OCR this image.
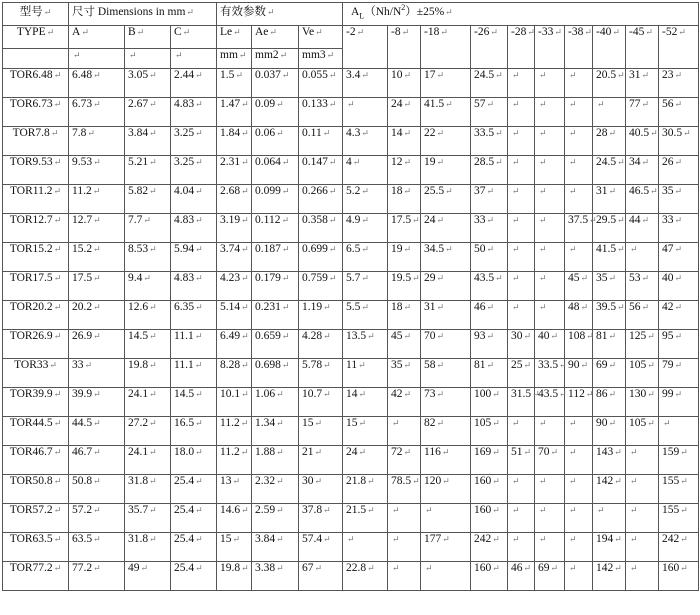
型号↵	尺寸 Dimensions in mm↵			有效参数↵			$A_L(Nh/N^2)\pm 25\%↵$									
TYPE↵	A↵	B↵	C↵	Le↵	Ae↵	Ve↵	-2↵	-8↵	-18↵	-26↵	-28↵	-33↵	-38↵	-40↵	-45↵	-52↵
	↵	↵	↵	mm↵	mm2↵	mm3↵										
TOR6.48↵	6.48↵	3.05↵	2.44↵	1.5↵	0.037↵	0.055↵	3.4↵	10↵	17↵	24.5↵	↵	↵	↵	20.5↵	31↵	23↵
TOR6.73↵	6.73↵	2.67↵	4.83↵	1.47↵	0.09↵	0.133↵	↵	24↵	41.5↵	57↵	↵	↵	↵	↵	77↵	56↵
TOR7.8↵	7.8↵	3.84↵	3.25↵	1.84↵	0.06↵	0.11↵	4.3↵	14↵	22↵	33.5↵	↵	↵	↵	28↵	40.5↵	30.5↵
TOR9.53↵	9.53↵	5.21↵	3.25↵	2.31↵	0.064↵	0.147↵	4↵	12↵	19↵	28.5↵	↵	↵	↵	24.5↵	34↵	26↵
TOR11.2↵	11.2↵	5.82↵	4.04↵	2.68↵	0.099↵	0.266↵	5.2↵	18↵	25.5↵	37↵	↵	↵	↵	31↵	46.5↵	35↵
TOR12.7↵	12.7↵	7.7↵	4.83↵	3.19↵	0.112↵	0.358↵	4.9↵	17.5↵	24↵	33↵	↵	↵	37.5↵	29.5↵	44↵	33↵
TOR15.2↵	15.2↵	8.53↵	5.94↵	3.74↵	0.187↵	0.699↵	6.5↵	19↵	34.5↵	50↵	↵	↵	↵	41.5↵	↵	47↵
TOR17.5↵	17.5↵	9.4↵	4.83↵	4.23↵	0.179↵	0.759↵	5.7↵	19.5↵	29↵	43.5↵	↵	↵	45↵	35↵	53↵	40↵
TOR20.2↵	20.2↵	12.6↵	6.35↵	5.14↵	0.231↵	1.19↵	5.5↵	18↵	31↵	46↵	↵	↵	48↵	39.5↵	56↵	42↵
TOR26.9↵	26.9↵	14.5↵	11.1↵	6.49↵	0.659↵	4.28↵	13.5↵	45↵	70↵	93↵	30↵	40↵	108↵	81↵	125↵	95↵
TOR33↵	33↵	19.8↵	11.1↵	8.28↵	0.698↵	5.78↵	11↵	35↵	58↵	81↵	25↵	33.5↵	90↵	69↵	105↵	79↵
TOR39.9↵	39.9↵	24.1↵	14.5↵	10.1↵	1.06↵	10.7↵	14↵	42↵	73↵	100↵	31.5↵	43.5↵	112↵	86↵	130↵	99↵
TOR44.5↵	44.5↵	27.2↵	16.5↵	11.2↵	1.34↵	15↵	15↵	↵	82↵	105↵	↵	↵	↵	90↵	105↵	↵
TOR46.7↵	46.7↵	24.1↵	18.0↵	11.2↵	1.88↵	21↵	24↵	72↵	116↵	169↵	51↵	70↵	↵	143↵	↵	159↵
TOR50.8↵	50.8↵	31.8↵	25.4↵	13↵	2.32↵	30↵	21.8↵	78.5↵	120↵	160↵	↵	↵	↵	142↵	↵	155↵
TOR57.2↵	57.2↵	35.7↵	25.4↵	14.6↵	2.59↵	37.8↵	21.5↵	↵	↵	160↵	↵	↵	↵	↵	↵	155↵
TOR63.5↵	63.5↵	31.8↵	25.4↵	15↵	3.84↵	57.4↵	↵	↵	177↵	242↵	↵	↵	↵	194↵	↵	242↵
TOR77.2↵	77.2↵	49↵	25.4↵	19.8↵	3.38↵	67↵	22.8↵	↵	↵	160↵	46↵	69↵	↵	142↵	↵	160↵
